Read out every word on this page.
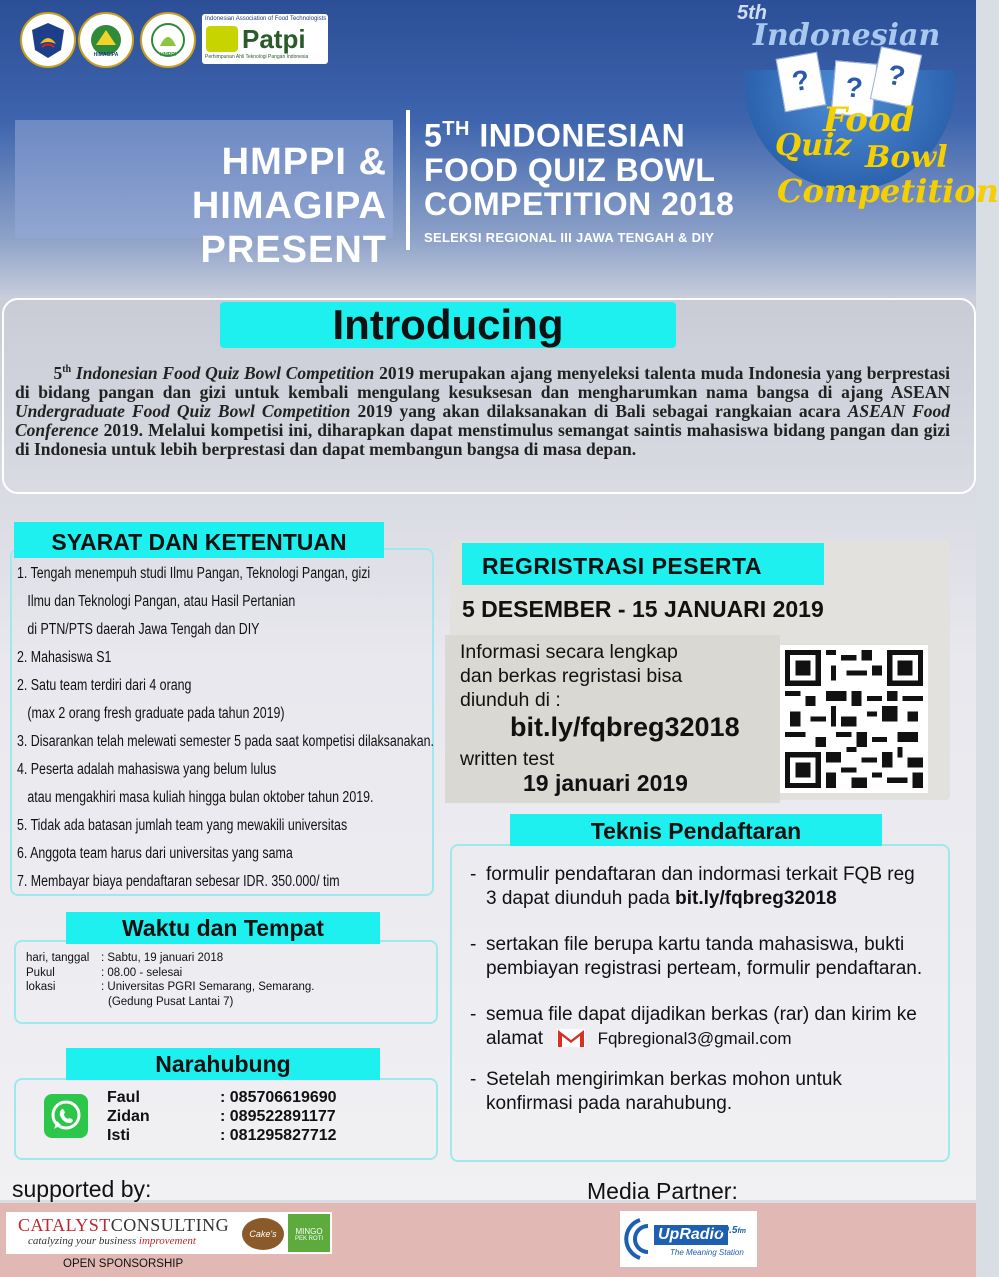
HIMAGIPA	HMPPI
Indonesian Association of Food Technologists
Patpi
Perhimpunan Ahli Teknologi Pangan Indonesia
HMPPI & HIMAGIPA
PRESENT
5TH INDONESIAN
FOOD QUIZ BOWL
COMPETITION 2018
SELEKSI REGIONAL III JAWA TENGAH & DIY
?	? ?
5th
Indonesian
Food
Quiz Bowl
Competition
Introducing
5th Indonesian Food Quiz Bowl Competition 2019 merupakan ajang menyeleksi talenta muda Indonesia yang berprestasi di bidang pangan dan gizi untuk kembali mengulang kesuksesan dan mengharumkan nama bangsa di ajang ASEAN Undergraduate Food Quiz Bowl Competition 2019 yang akan dilaksanakan di Bali sebagai rangkaian acara ASEAN Food Conference 2019. Melalui kompetisi ini, diharapkan dapat menstimulus semangat saintis mahasiswa bidang pangan dan gizi di Indonesia untuk lebih berprestasi dan dapat membangun bangsa di masa depan.
SYARAT DAN KETENTUAN
1. Tengah menempuh studi Ilmu Pangan, Teknologi Pangan, gizi
Ilmu dan Teknologi Pangan, atau Hasil Pertanian
di PTN/PTS daerah Jawa Tengah dan DIY
2. Mahasiswa S1
2. Satu team terdiri dari 4 orang
(max 2 orang fresh graduate pada tahun 2019)
3. Disarankan telah melewati semester 5 pada saat kompetisi dilaksanakan.
4. Peserta adalah mahasiswa yang belum lulus
atau mengakhiri masa kuliah hingga bulan oktober tahun 2019.
5. Tidak ada batasan jumlah team yang mewakili universitas
6. Anggota team harus dari universitas yang sama
7. Membayar biaya pendaftaran sebesar IDR. 350.000/ tim
Waktu dan Tempat
hari, tanggal	: Sabtu, 19 januari 2018
Pukul	: 08.00 - selesai
lokasi	: Universitas PGRI Semarang, Semarang.
(Gedung Pusat Lantai 7)
Narahubung
Faul	: 085706619690
Zidan	: 089522891177
Isti	: 081295827712
REGRISTRASI PESERTA
5 DESEMBER - 15 JANUARI 2019
Informasi secara lengkap
dan berkas regristasi bisa
diunduh di :
bit.ly/fqbreg32018
written test
19 januari 2019
Teknis Pendaftaran
- formulir pendaftaran dan indormasi terkait FQB reg 3 dapat diunduh pada bit.ly/fqbreg32018
- sertakan file berupa kartu tanda mahasiswa, bukti pembiayan registrasi perteam, formulir pendaftaran.
- semua file dapat dijadikan berkas (rar) dan kirim ke alamat	Fqbregional3@gmail.com
- Setelah mengirimkan berkas mohon untuk konfirmasi pada narahubung.
supported by:	Media Partner:
CATALYSTCONSULTING
catalyzing your business improvement
Cake's	MINGO
PEK ROTI
OPEN SPONSORSHIP
UpRadio
90.5fm
The Meaning Station
